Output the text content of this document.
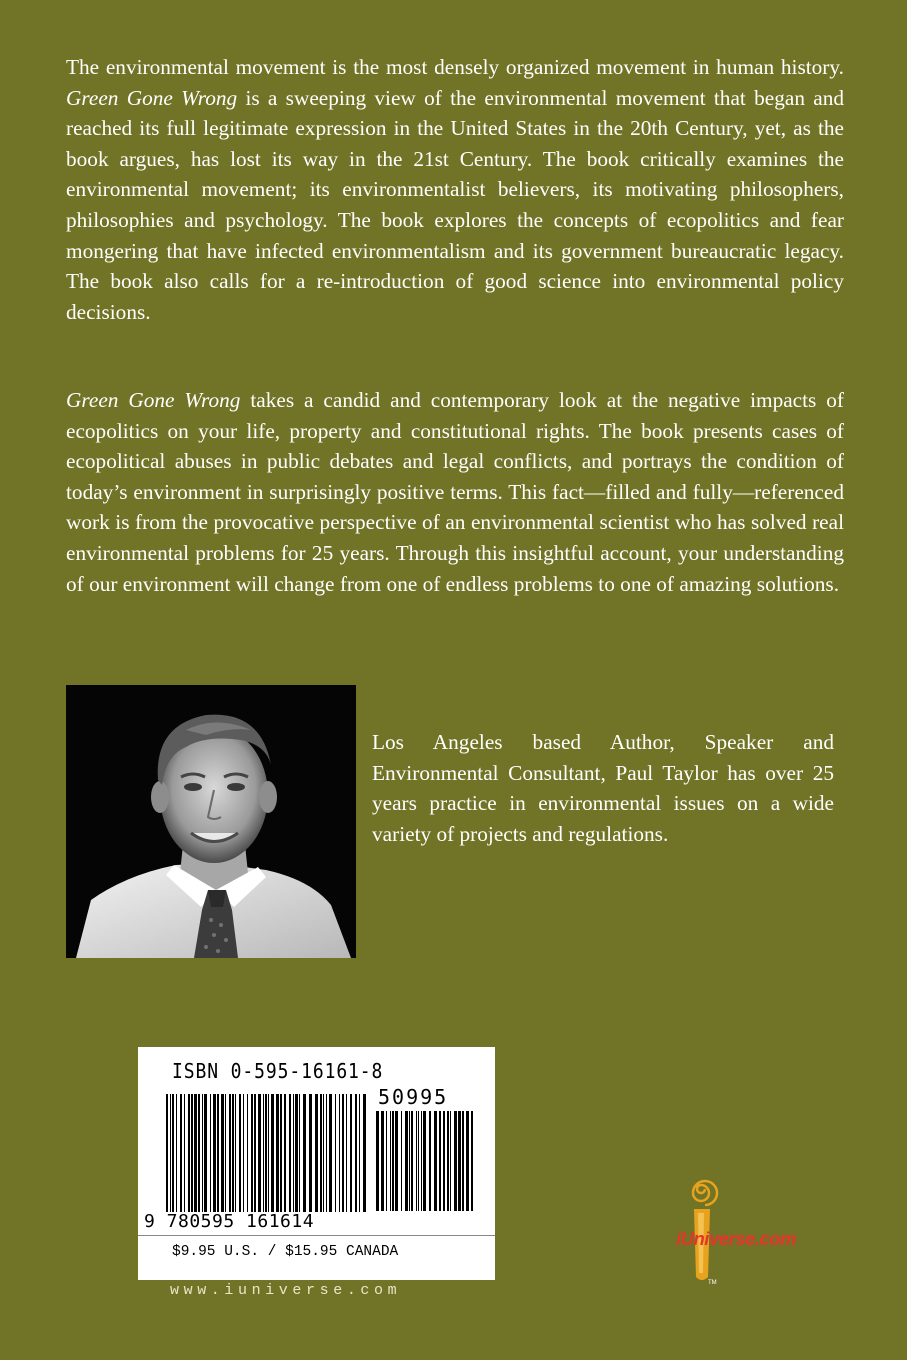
The environmental movement is the most densely organized movement in human history. Green Gone Wrong is a sweeping view of the environmental movement that began and reached its full legitimate expression in the United States in the 20th Century, yet, as the book argues, has lost its way in the 21st Century. The book critically examines the environmental movement; its environmentalist believers, its motivating philosophers, philosophies and psychology. The book explores the concepts of ecopolitics and fear mongering that have infected environmentalism and its government bureaucratic legacy. The book also calls for a re-introduction of good science into environmental policy decisions.

Green Gone Wrong takes a candid and contemporary look at the negative impacts of ecopolitics on your life, property and constitutional rights. The book presents cases of ecopolitical abuses in public debates and legal conflicts, and portrays the condition of today’s environment in surprisingly positive terms. This fact—filled and fully—referenced work is from the provocative perspective of an environmental scientist who has solved real environmental problems for 25 years. Through this insightful account, your understanding of our environment will change from one of endless problems to one of amazing solutions.

Los Angeles based Author, Speaker and Environmental Consultant, Paul Taylor has over 25 years practice in environmental issues on a wide variety of projects and regulations.

ISBN 0-595-16161-8
50995
9 780595 161614
$9.95 U.S. / $15.95 CANADA
www.iuniverse.com	TM
iUniverse.com
